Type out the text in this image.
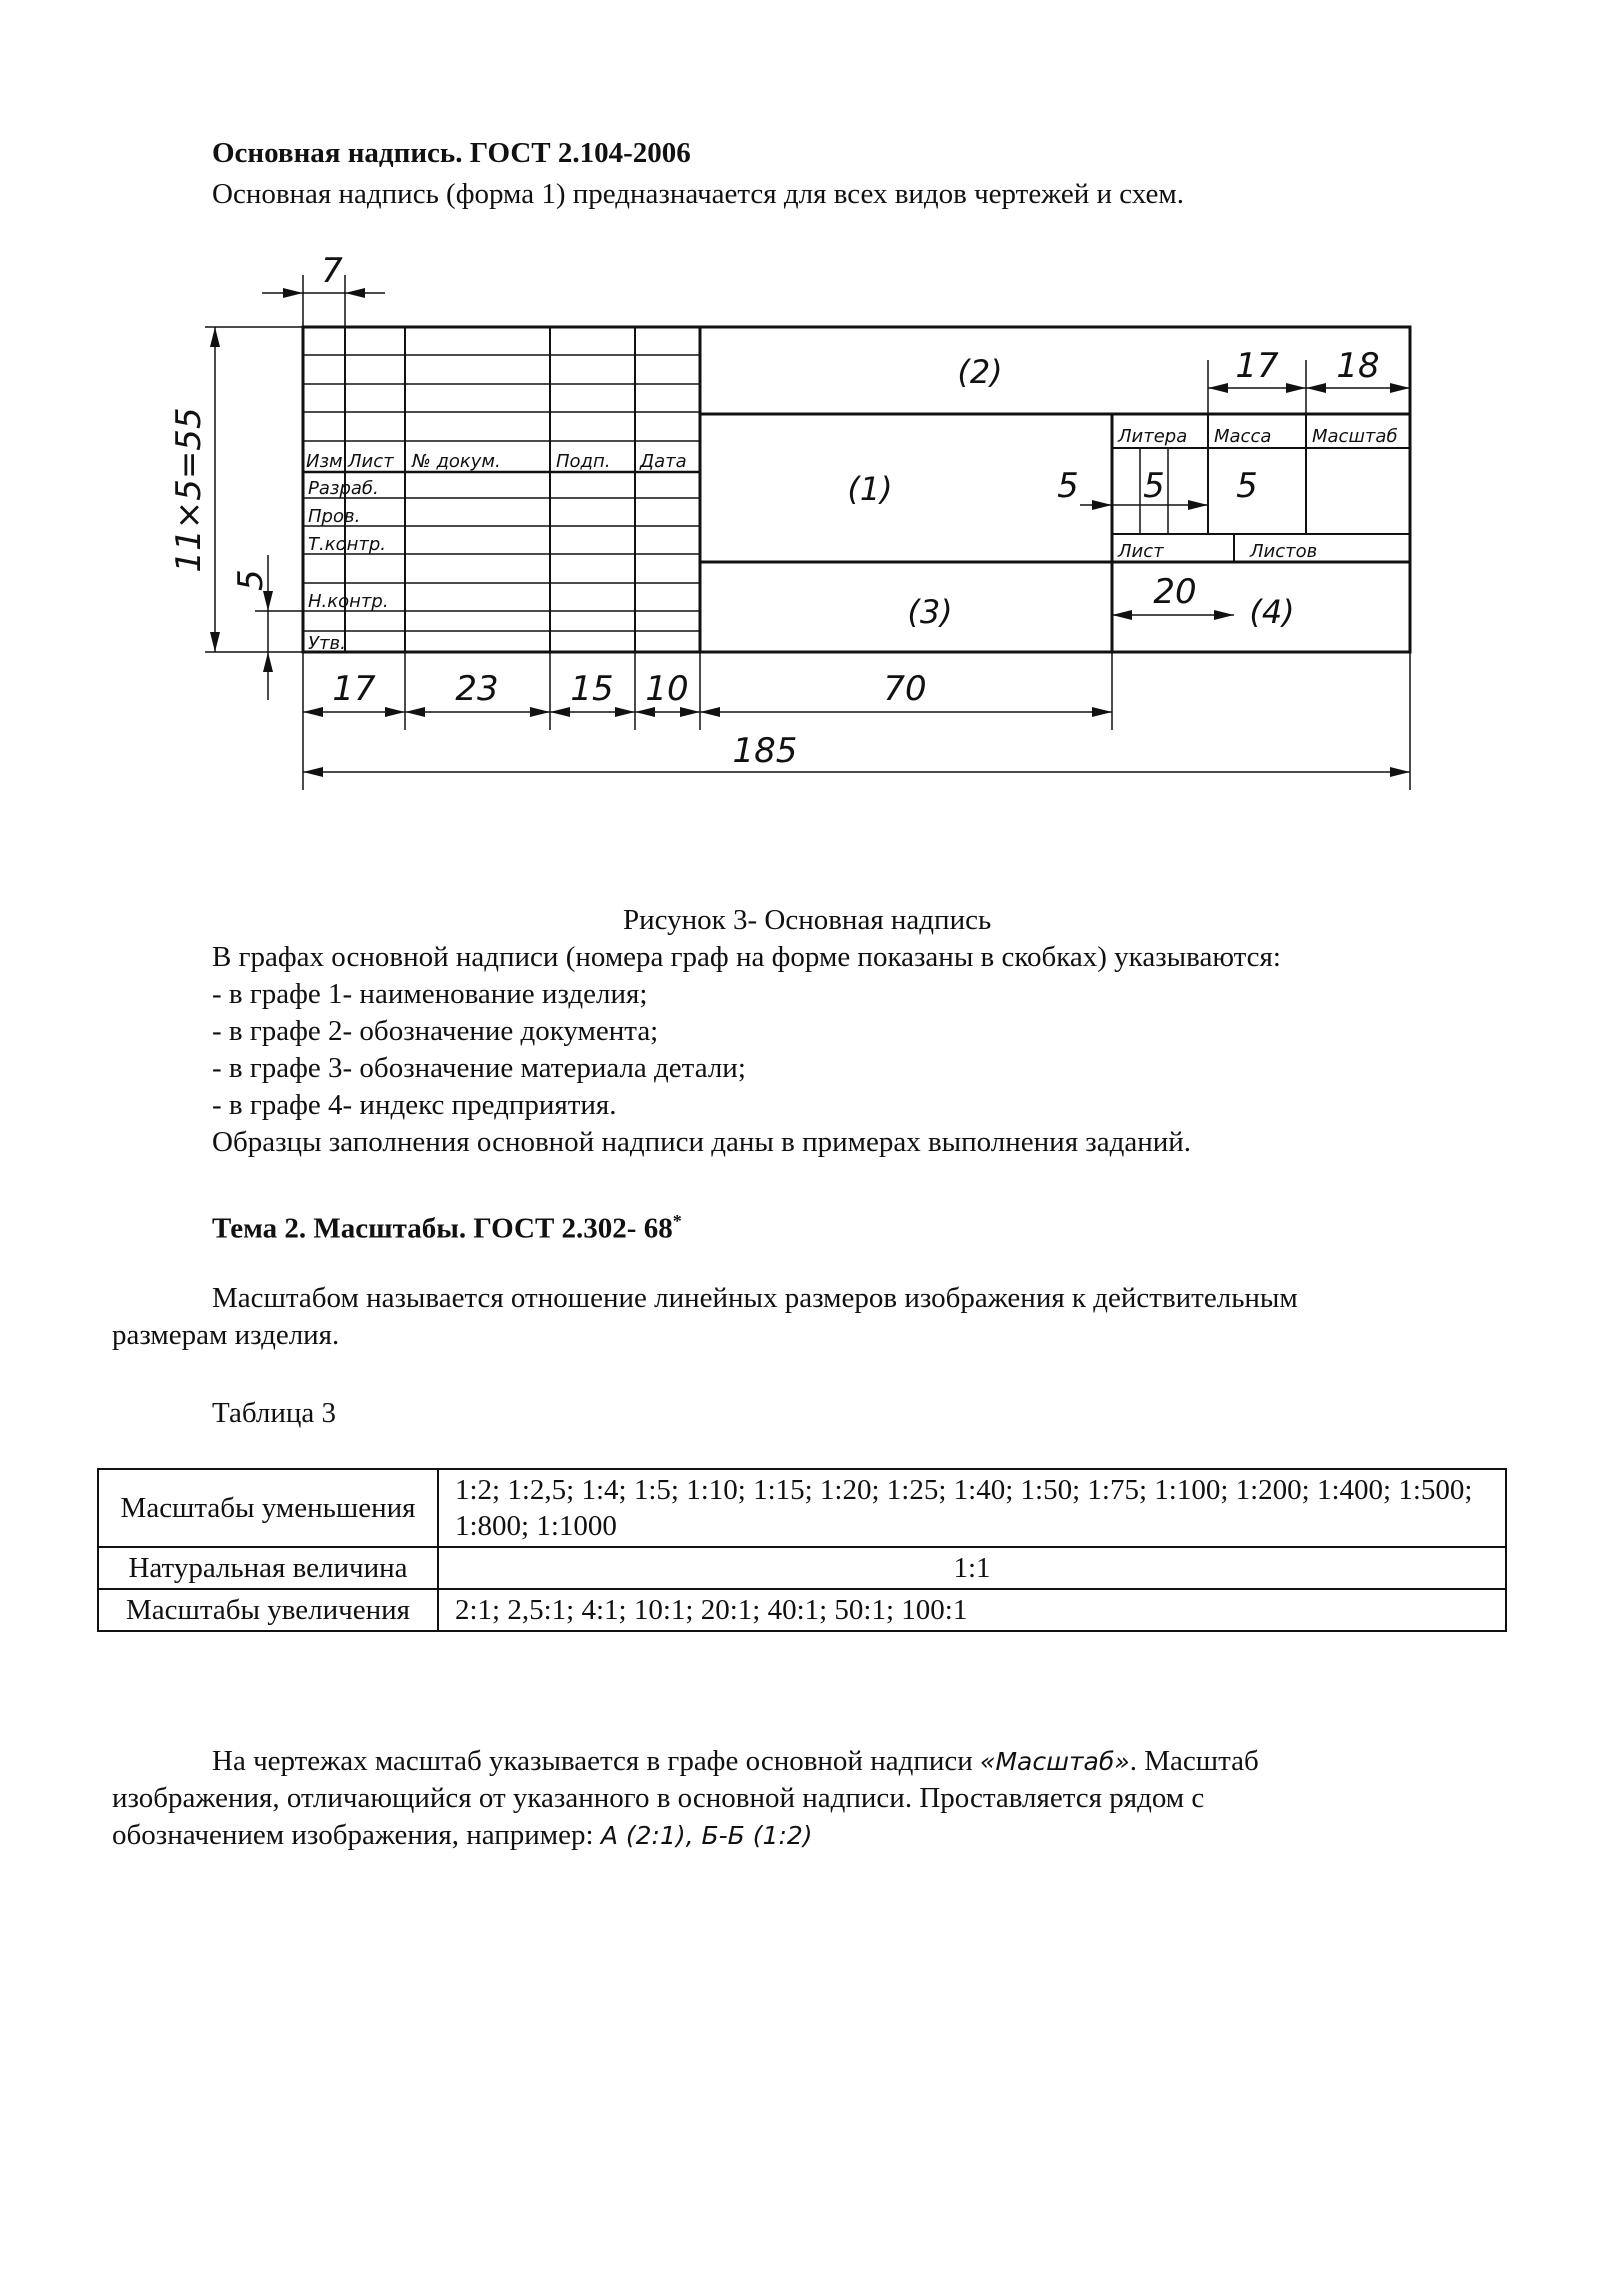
Основная надпись. ГОСТ 2.104-2006
Основная надпись (форма 1) предназначается для всех видов чертежей и схем.
7
11×5=55
5
17 18
5 5 5
20
17 23 15 10	70
185
(2)
(1)
(3)	(4)
Изм Лист № докум.	Подп. Дата
Разраб.
Пров.
Т.контр.
Н.контр.
Утв.
Литера Масса Масштаб
Лист	Листов
Рисунок 3- Основная надпись
В графах основной надписи (номера граф на форме показаны в скобках) указываются:
- в графе 1- наименование изделия;
- в графе 2- обозначение документа;
- в графе 3- обозначение материала детали;
- в графе 4- индекс предприятия.
Образцы заполнения основной надписи даны в примерах выполнения заданий.
Тема 2. Масштабы. ГОСТ 2.302- 68*
Масштабом называется отношение линейных размеров изображения к действительным
размерам изделия.
Таблица 3
Масштабы уменьшения	1:2; 1:2,5; 1:4; 1:5; 1:10; 1:15; 1:20; 1:25; 1:40; 1:50; 1:75; 1:100; 1:200; 1:400; 1:500; 1:800; 1:1000
Натуральная величина	1:1
Масштабы увеличения	2:1; 2,5:1; 4:1; 10:1; 20:1; 40:1; 50:1; 100:1
На чертежах масштаб указывается в графе основной надписи «Масштаб». Масштаб
изображения, отличающийся от указанного в основной надписи. Проставляется рядом с
обозначением изображения, например: А (2:1), Б-Б (1:2)
